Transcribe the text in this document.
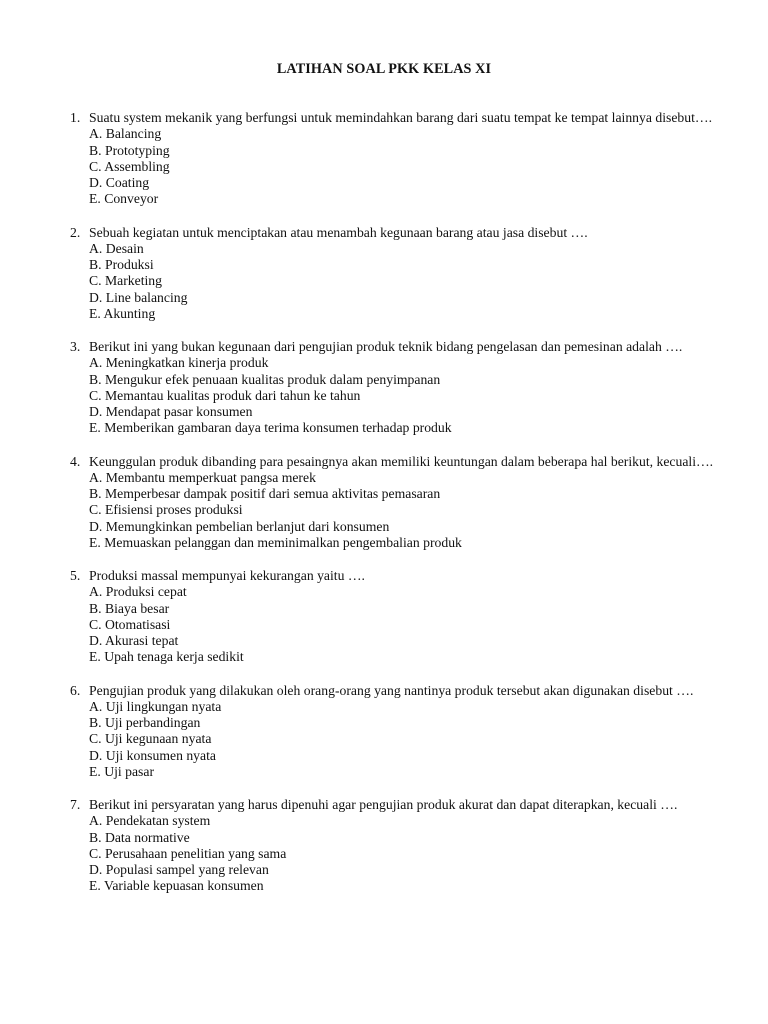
LATIHAN SOAL PKK KELAS XI
1. Suatu system mekanik yang berfungsi untuk memindahkan barang dari suatu tempat ke tempat lainnya disebut….
A. Balancing
B. Prototyping
C. Assembling
D. Coating
E. Conveyor
2. Sebuah kegiatan untuk menciptakan atau menambah kegunaan barang atau jasa disebut ….
A. Desain
B. Produksi
C. Marketing
D. Line balancing
E. Akunting
3. Berikut ini yang bukan kegunaan dari pengujian produk teknik bidang pengelasan dan pemesinan adalah ….
A. Meningkatkan kinerja produk
B. Mengukur efek penuaan kualitas produk dalam penyimpanan
C. Memantau kualitas produk dari tahun ke tahun
D. Mendapat pasar konsumen
E. Memberikan gambaran daya terima konsumen terhadap produk
4. Keunggulan produk dibanding para pesaingnya akan memiliki keuntungan dalam beberapa hal berikut, kecuali….
A. Membantu memperkuat pangsa merek
B. Memperbesar dampak positif dari semua aktivitas pemasaran
C. Efisiensi proses produksi
D. Memungkinkan pembelian berlanjut dari konsumen
E. Memuaskan pelanggan dan meminimalkan pengembalian produk
5. Produksi massal mempunyai kekurangan yaitu ….
A. Produksi cepat
B. Biaya besar
C. Otomatisasi
D. Akurasi tepat
E. Upah tenaga kerja sedikit
6. Pengujian produk yang dilakukan oleh orang-orang yang nantinya produk tersebut akan digunakan disebut ….
A. Uji lingkungan nyata
B. Uji perbandingan
C. Uji kegunaan nyata
D. Uji konsumen nyata
E. Uji pasar
7. Berikut ini persyaratan yang harus dipenuhi agar pengujian produk akurat dan dapat diterapkan, kecuali ….
A. Pendekatan system
B. Data normative
C. Perusahaan penelitian yang sama
D. Populasi sampel yang relevan
E. Variable kepuasan konsumen
